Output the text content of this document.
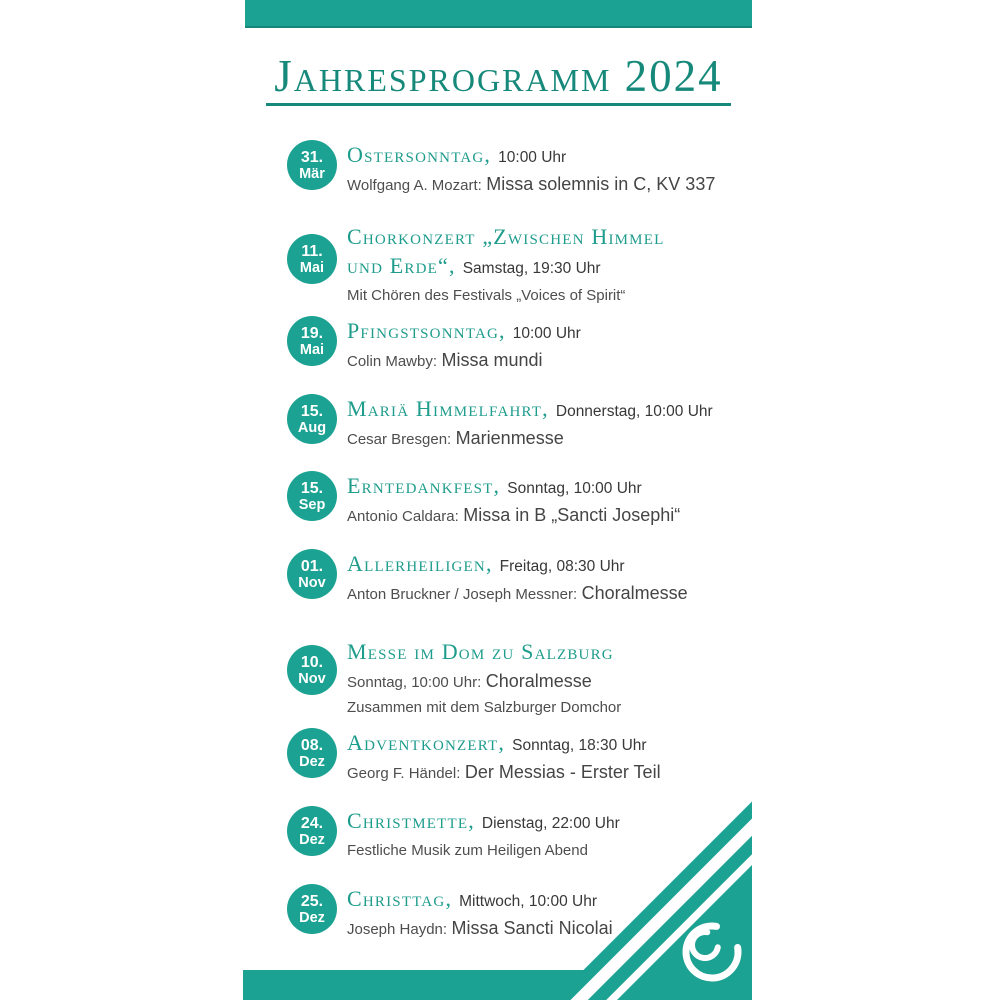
Jahresprogramm 2024
31.
Mär
Ostersonntag, 10:00 Uhr
Wolfgang A. Mozart: Missa solemnis in C, KV 337
11.
Mai
Chorkonzert „Zwischen Himmel
und Erde“, Samstag, 19:30 Uhr
Mit Chören des Festivals „Voices of Spirit“
19.
Mai
Pfingstsonntag, 10:00 Uhr
Colin Mawby: Missa mundi
15.
Aug
Mariä Himmelfahrt, Donnerstag, 10:00 Uhr
Cesar Bresgen: Marienmesse
15.
Sep
Erntedankfest, Sonntag, 10:00 Uhr
Antonio Caldara: Missa in B „Sancti Josephi“
01.
Nov
Allerheiligen, Freitag, 08:30 Uhr
Anton Bruckner / Joseph Messner: Choralmesse
10.
Nov
Messe im Dom zu Salzburg
Sonntag, 10:00 Uhr: Choralmesse
Zusammen mit dem Salzburger Domchor
08.
Dez
Adventkonzert, Sonntag, 18:30 Uhr
Georg F. Händel: Der Messias - Erster Teil
24.
Dez
Christmette, Dienstag, 22:00 Uhr
Festliche Musik zum Heiligen Abend
25.
Dez
Christtag, Mittwoch, 10:00 Uhr
Joseph Haydn: Missa Sancti Nicolai
